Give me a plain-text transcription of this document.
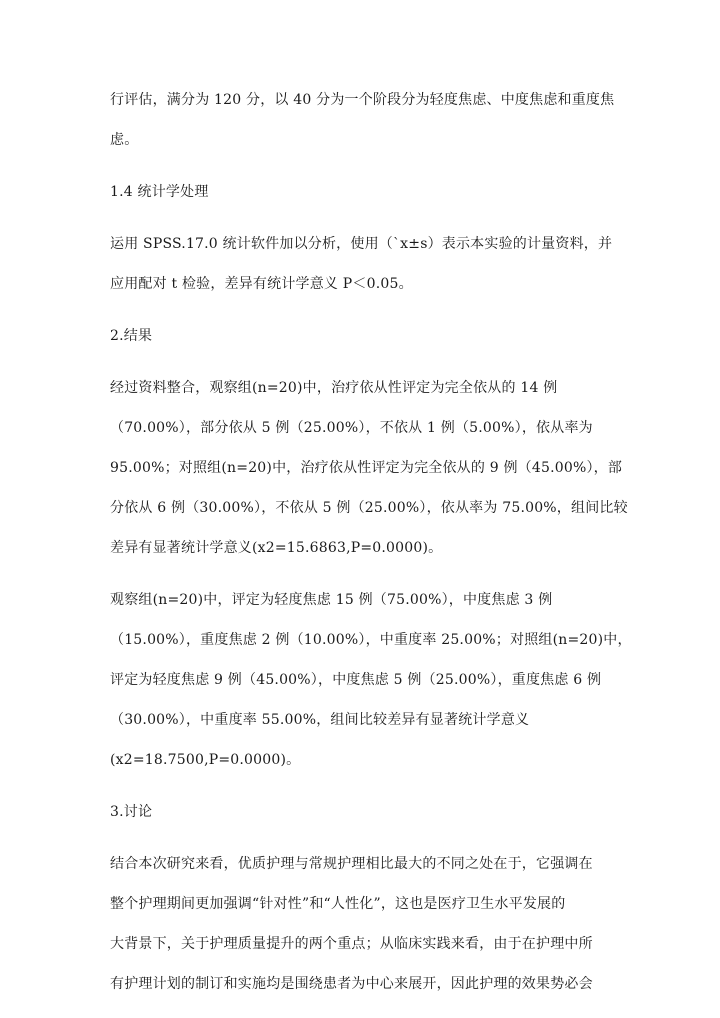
行评估，满分为 120 分，以 40 分为一个阶段分为轻度焦虑、中度焦虑和重度焦
虑。
1.4 统计学处理
运用 SPSS.17.0 统计软件加以分析，使用（`x±s）表示本实验的计量资料，并
应用配对 t 检验，差异有统计学意义 P＜0.05。
2.结果
经过资料整合，观察组(n=20)中，治疗依从性评定为完全依从的 14 例
（70.00%），部分依从 5 例（25.00%），不依从 1 例（5.00%），依从率为
95.00%；对照组(n=20)中，治疗依从性评定为完全依从的 9 例（45.00%），部
分依从 6 例（30.00%），不依从 5 例（25.00%），依从率为 75.00%，组间比较
差异有显著统计学意义(x2=15.6863,P=0.0000)。
观察组(n=20)中，评定为轻度焦虑 15 例（75.00%），中度焦虑 3 例
（15.00%），重度焦虑 2 例（10.00%），中重度率 25.00%；对照组(n=20)中，
评定为轻度焦虑 9 例（45.00%），中度焦虑 5 例（25.00%），重度焦虑 6 例
（30.00%），中重度率 55.00%，组间比较差异有显著统计学意义
(x2=18.7500,P=0.0000)。
3.讨论
结合本次研究来看，优质护理与常规护理相比最大的不同之处在于，它强调在
整个护理期间更加强调“针对性”和“人性化”，这也是医疗卫生水平发展的
大背景下，关于护理质量提升的两个重点；从临床实践来看，由于在护理中所
有护理计划的制订和实施均是围绕患者为中心来展开，因此护理的效果势必会
